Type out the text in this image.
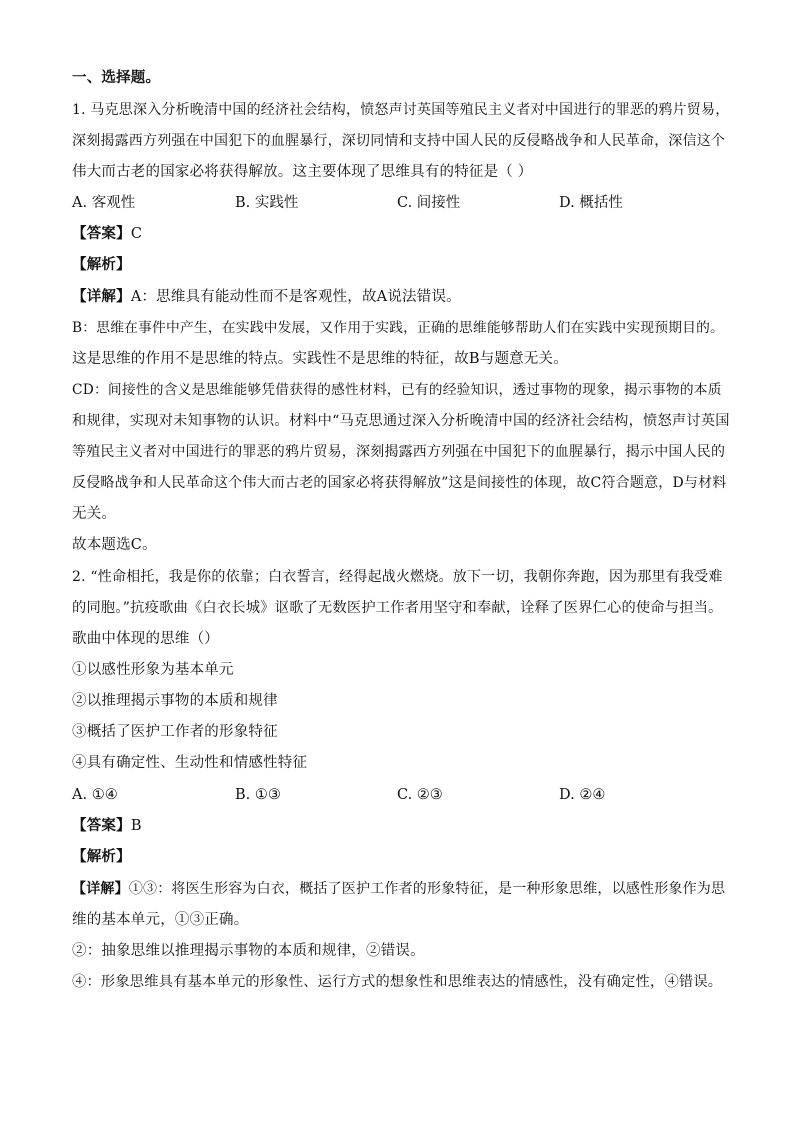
一、选择题。
1. 马克思深入分析晚清中国的经济社会结构，愤怒声讨英国等殖民主义者对中国进行的罪恶的鸦片贸易，
深刻揭露西方列强在中国犯下的血腥暴行，深切同情和支持中国人民的反侵略战争和人民革命，深信这个
伟大而古老的国家必将获得解放。这主要体现了思维具有的特征是（ ）
A. 客观性	B. 实践性	C. 间接性	D. 概括性
【答案】C
【解析】
【详解】A：思维具有能动性而不是客观性，故A说法错误。
B：思维在事件中产生，在实践中发展，又作用于实践，正确的思维能够帮助人们在实践中实现预期目的。
这是思维的作用不是思维的特点。实践性不是思维的特征，故B与题意无关。
CD：间接性的含义是思维能够凭借获得的感性材料，已有的经验知识，透过事物的现象，揭示事物的本质
和规律，实现对未知事物的认识。材料中“马克思通过深入分析晚清中国的经济社会结构，愤怒声讨英国
等殖民主义者对中国进行的罪恶的鸦片贸易，深刻揭露西方列强在中国犯下的血腥暴行，揭示中国人民的
反侵略战争和人民革命这个伟大而古老的国家必将获得解放”这是间接性的体现，故C符合题意，D与材料
无关。
故本题选C。
2. “性命相托，我是你的依靠；白衣誓言，经得起战火燃烧。放下一切，我朝你奔跑，因为那里有我受难
的同胞。”抗疫歌曲《白衣长城》讴歌了无数医护工作者用坚守和奉献，诠释了医界仁心的使命与担当。
歌曲中体现的思维（）
①以感性形象为基本单元
②以推理揭示事物的本质和规律
③概括了医护工作者的形象特征
④具有确定性、生动性和情感性特征
A. ①④	B. ①③	C. ②③	D. ②④
【答案】B
【解析】
【详解】①③：将医生形容为白衣，概括了医护工作者的形象特征，是一种形象思维，以感性形象作为思
维的基本单元，①③正确。
②：抽象思维以推理揭示事物的本质和规律，②错误。
④：形象思维具有基本单元的形象性、运行方式的想象性和思维表达的情感性，没有确定性，④错误。
